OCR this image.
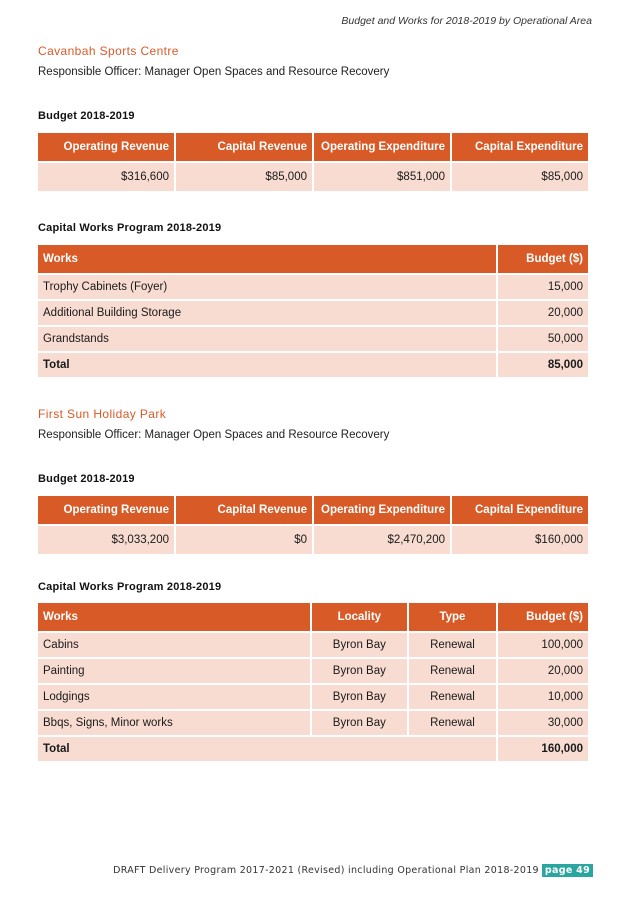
Budget and Works for 2018-2019 by Operational Area
Cavanbah Sports Centre
Responsible Officer: Manager Open Spaces and Resource Recovery
Budget 2018-2019
Operating Revenue	Capital Revenue	Operating Expenditure	Capital Expenditure
$316,600	$85,000	$851,000	$85,000
Capital Works Program 2018-2019
Works	Budget ($)
Trophy Cabinets (Foyer)	15,000
Additional Building Storage	20,000
Grandstands	50,000
Total	85,000
First Sun Holiday Park
Responsible Officer: Manager Open Spaces and Resource Recovery
Budget 2018-2019
Operating Revenue	Capital Revenue	Operating Expenditure	Capital Expenditure
$3,033,200	$0	$2,470,200	$160,000
Capital Works Program 2018-2019
Works	Locality	Type	Budget ($)
Cabins	Byron Bay	Renewal	100,000
Painting	Byron Bay	Renewal	20,000
Lodgings	Byron Bay	Renewal	10,000
Bbqs, Signs, Minor works	Byron Bay	Renewal	30,000
Total			160,000
DRAFT Delivery Program 2017-2021 (Revised) including Operational Plan 2018-2019 page 49
